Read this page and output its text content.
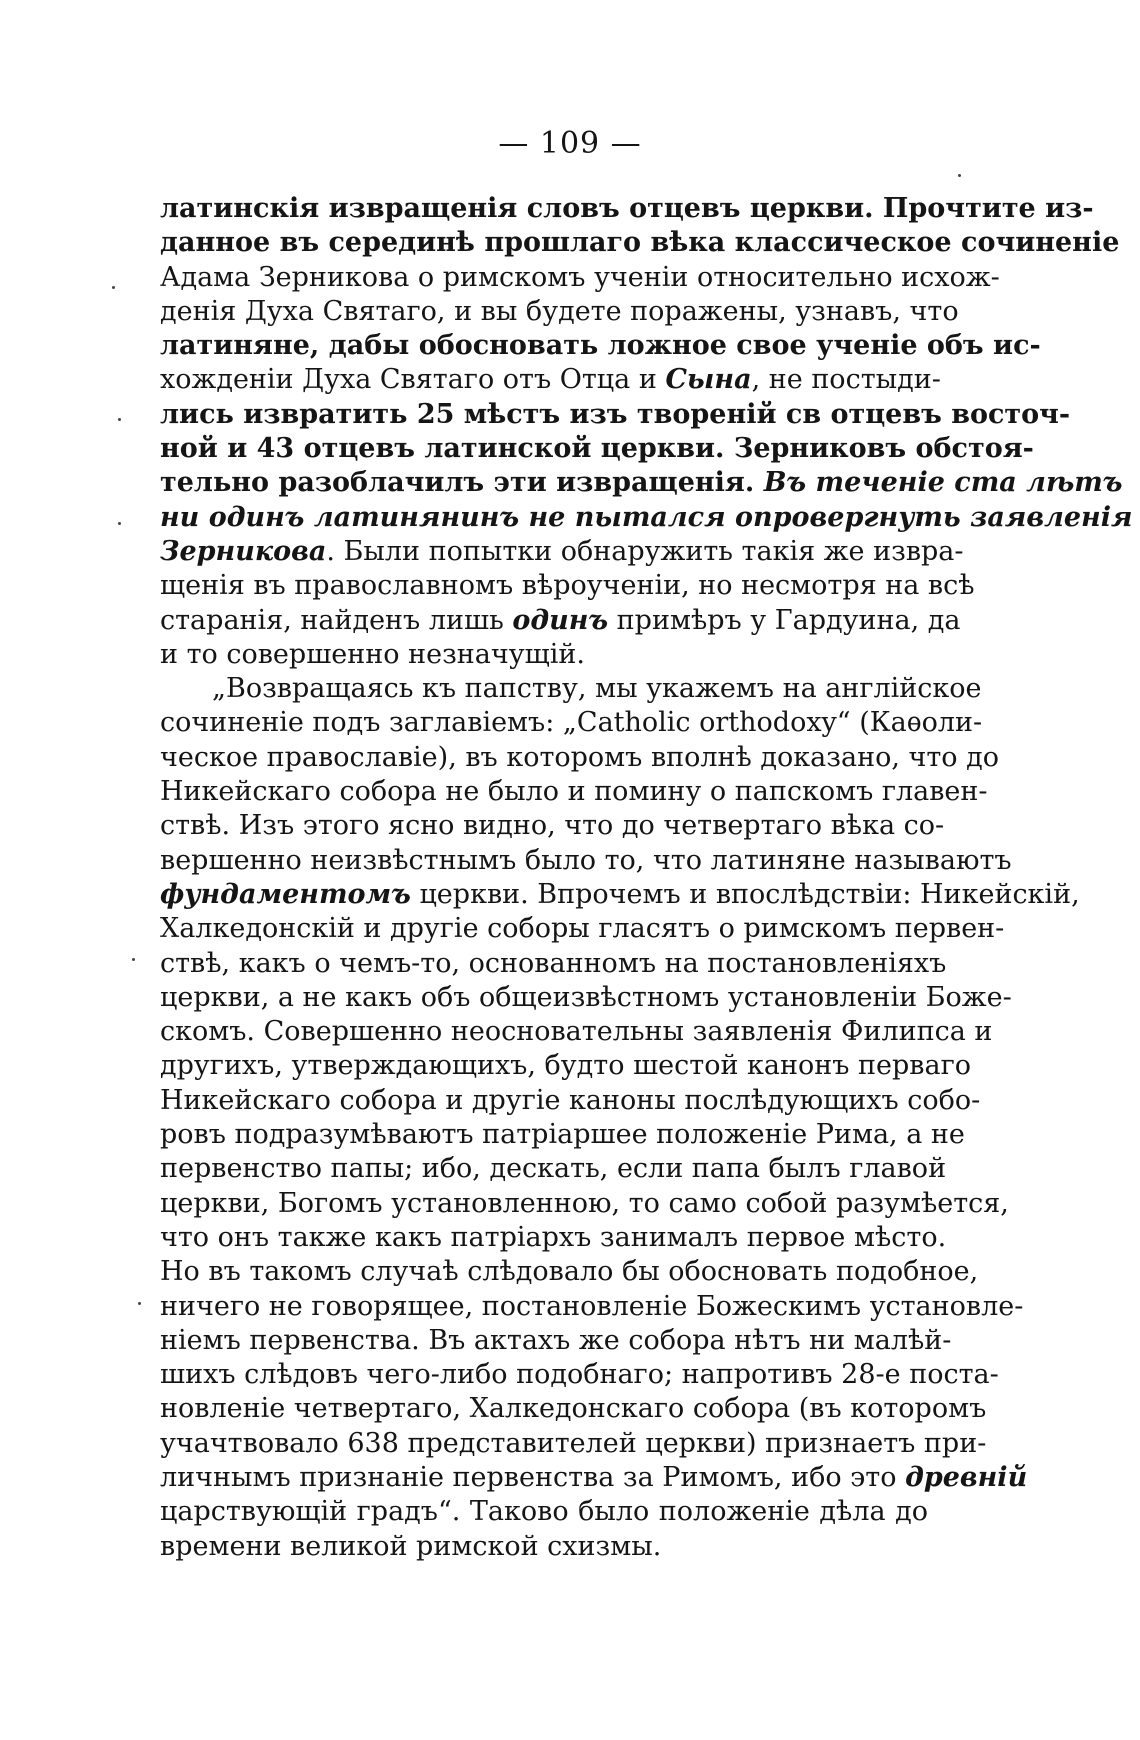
— 109 —
латинскія извращенія словъ отцевъ церкви. Прочтите из-
данное въ серединѣ прошлаго вѣка классическое сочиненіе
Адама Зерникова о римскомъ ученіи относительно исхож-
денія Духа Святаго, и вы будете поражены, узнавъ, что
латиняне, дабы обосновать ложное свое ученіе объ ис-
хожденіи Духа Святаго отъ Отца и Сына, не постыди-
лись извратить 25 мѣстъ изъ твореній св отцевъ восточ-
ной и 43 отцевъ латинской церкви. Зерниковъ обстоя-
тельно разоблачилъ эти извращенія. Въ теченіе ста лѣтъ
ни одинъ латинянинъ не пытался опровергнуть заявленія
Зерникова. Были попытки обнаружить такія же извра-
щенія въ православномъ вѣроученіи, но несмотря на всѣ
старанія, найденъ лишь одинъ примѣръ у Гардуина, да
и то совершенно незначущій.
„Возвращаясь къ папству, мы укажемъ на англійское
сочиненіе подъ заглавіемъ: „Catholic orthodoxy“ (Каѳоли-
ческое православіе), въ которомъ вполнѣ доказано, что до
Никейскаго собора не было и помину о папскомъ главен-
ствѣ. Изъ этого ясно видно, что до четвертаго вѣка со-
вершенно неизвѣстнымъ было то, что латиняне называютъ
фундаментомъ церкви. Впрочемъ и впослѣдствіи: Никейскій,
Халкедонскій и другіе соборы гласятъ о римскомъ первен-
ствѣ, какъ о чемъ-то, основанномъ на постановленіяхъ
церкви, а не какъ объ общеизвѣстномъ установленіи Боже-
скомъ. Совершенно неосновательны заявленія Филипса и
другихъ, утверждающихъ, будто шестой канонъ перваго
Никейскаго собора и другіе каноны послѣдующихъ собо-
ровъ подразумѣваютъ патріаршее положеніе Рима, а не
первенство папы; ибо, дескать, если папа былъ главой
церкви, Богомъ установленною, то само собой разумѣется,
что онъ также какъ патріархъ занималъ первое мѣсто.
Но въ такомъ случаѣ слѣдовало бы обосновать подобное,
ничего не говорящее, постановленіе Божескимъ установле-
ніемъ первенства. Въ актахъ же собора нѣтъ ни малѣй-
шихъ слѣдовъ чего-либо подобнаго; напротивъ 28-е поста-
новленіе четвертаго, Халкедонскаго собора (въ которомъ
учачтвовало 638 представителей церкви) признаетъ при-
личнымъ признаніе первенства за Римомъ, ибо это древній
царствующій градъ“. Таково было положеніе дѣла до
времени великой римской схизмы.
